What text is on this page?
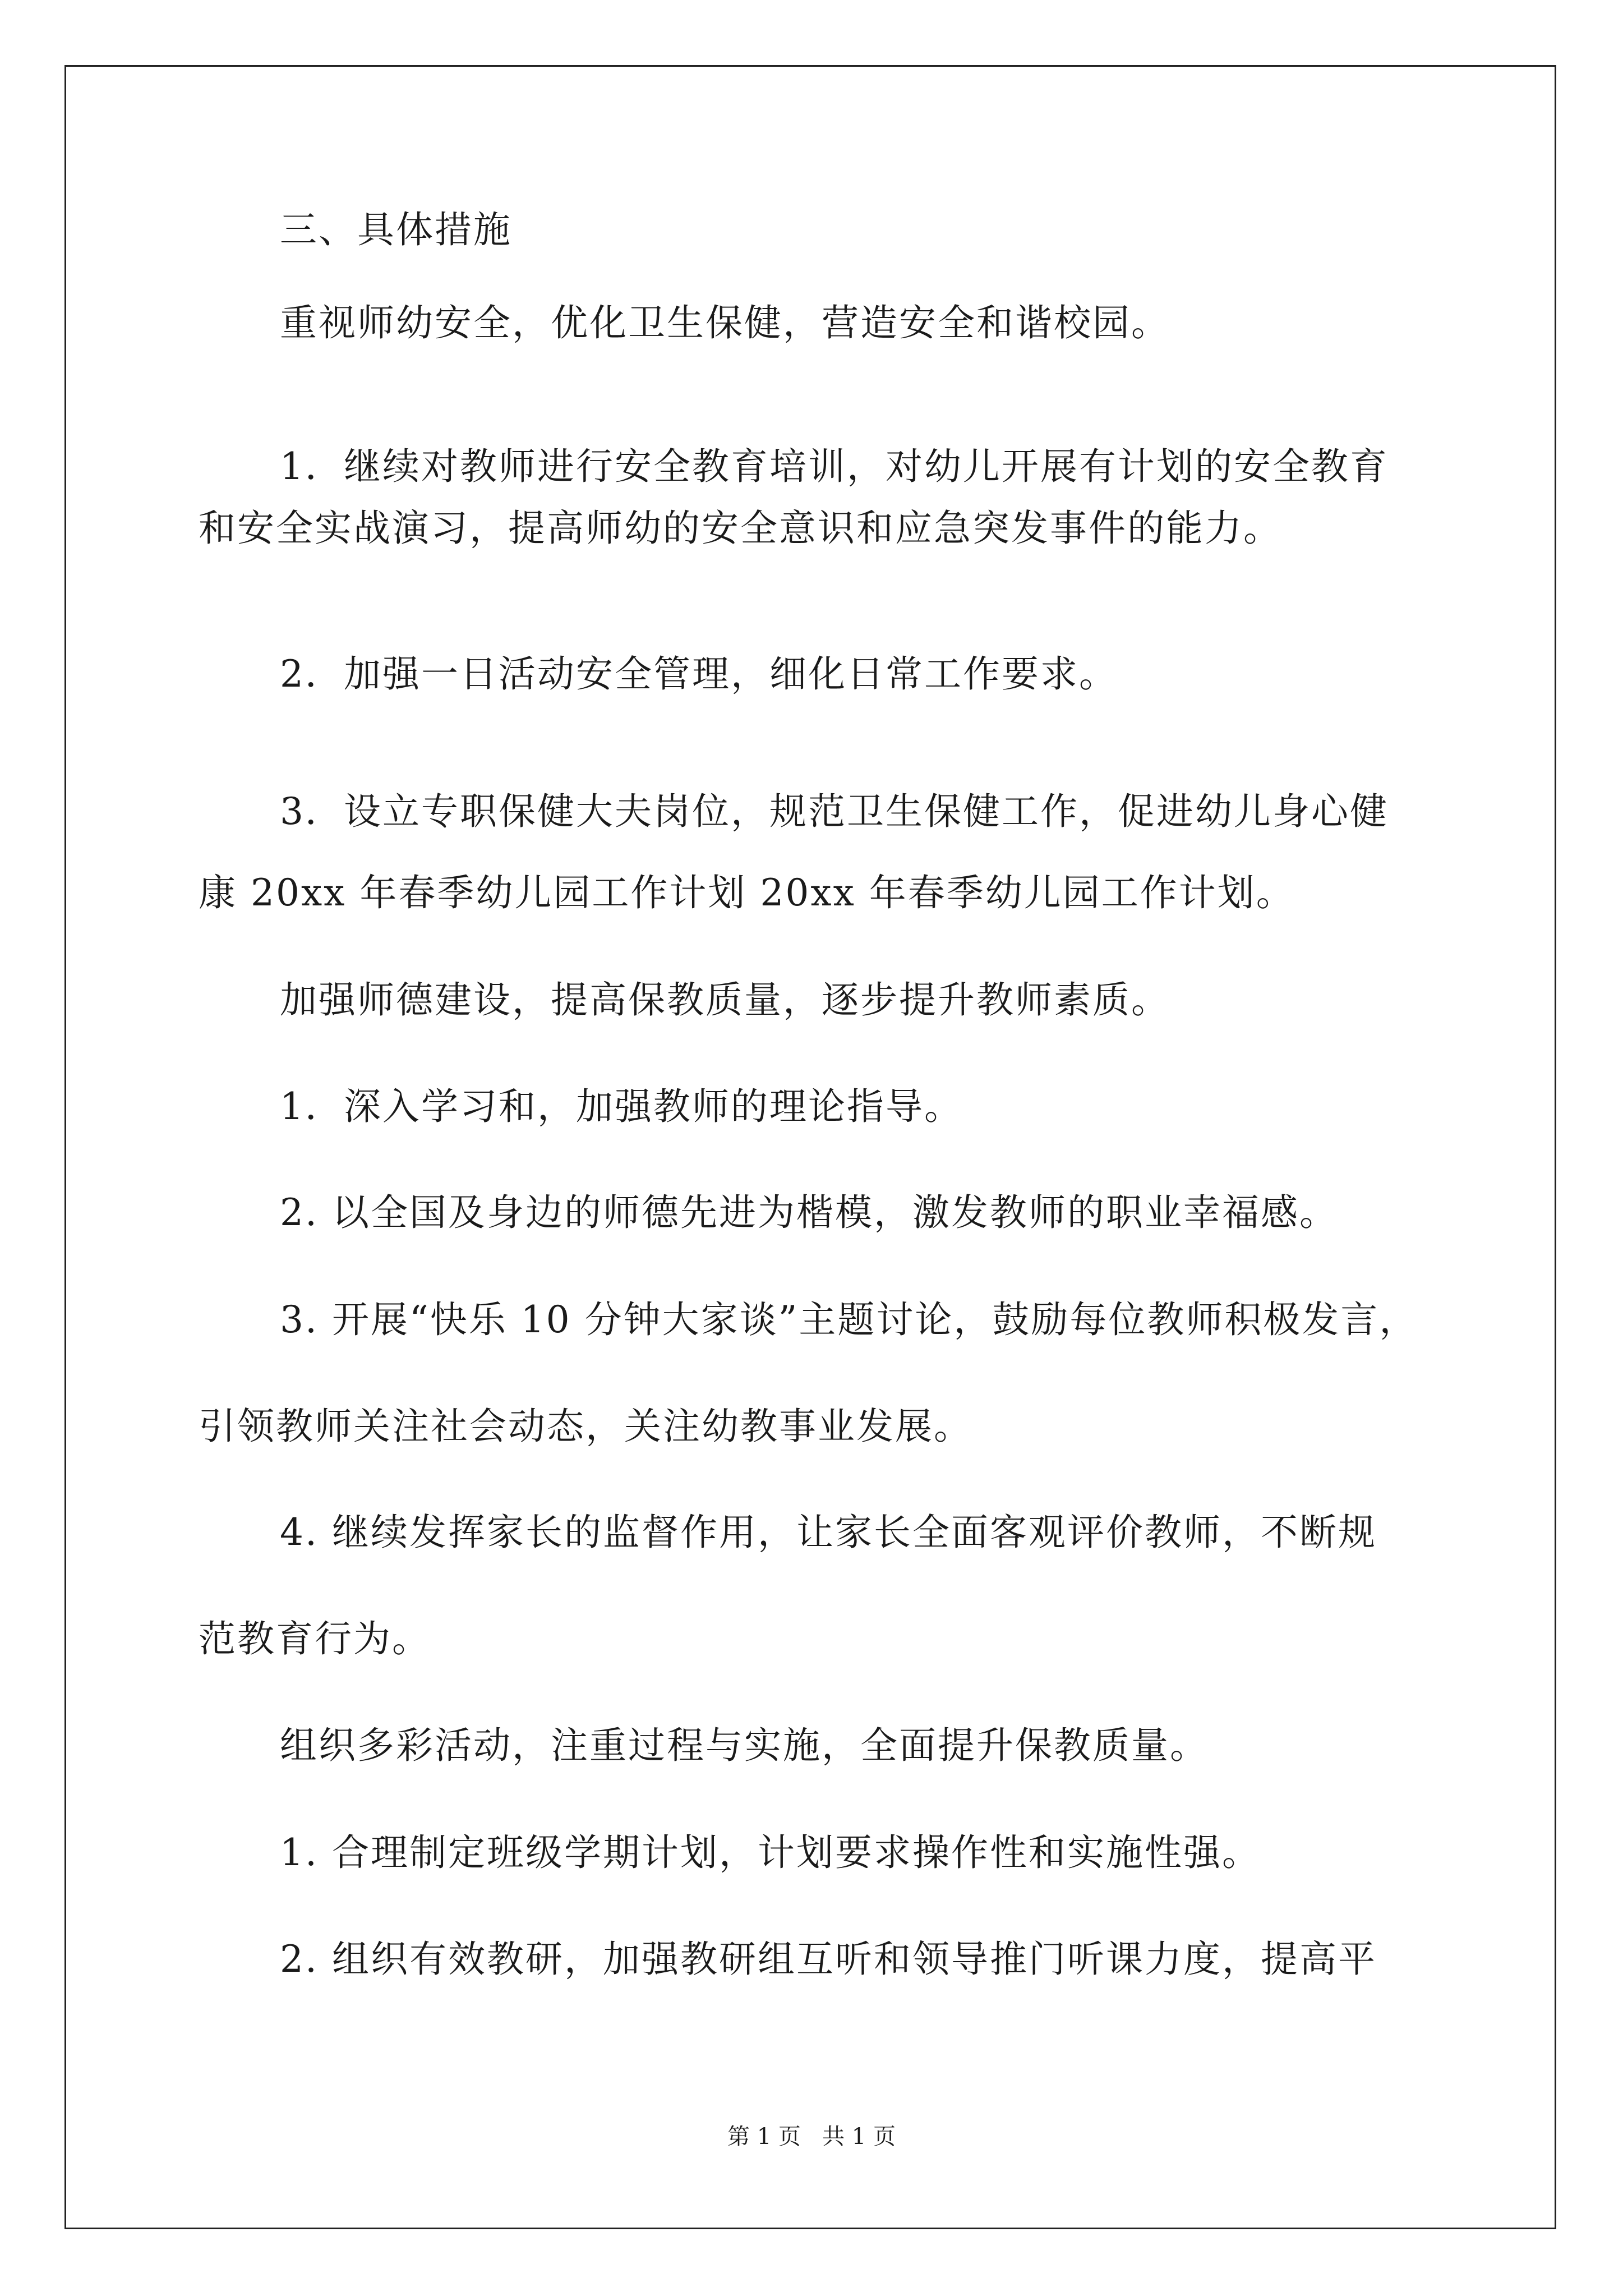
三、具体措施
重视师幼安全，优化卫生保健，营造安全和谐校园。
1．继续对教师进行安全教育培训，对幼儿开展有计划的安全教育
和安全实战演习，提高师幼的安全意识和应急突发事件的能力。
2．加强一日活动安全管理，细化日常工作要求。
3．设立专职保健大夫岗位，规范卫生保健工作，促进幼儿身心健
康 20xx 年春季幼儿园工作计划 20xx 年春季幼儿园工作计划。
加强师德建设，提高保教质量，逐步提升教师素质。
1．深入学习和，加强教师的理论指导。
2. 以全国及身边的师德先进为楷模，激发教师的职业幸福感。
3. 开展“快乐 10 分钟大家谈”主题讨论，鼓励每位教师积极发言，
引领教师关注社会动态，关注幼教事业发展。
4. 继续发挥家长的监督作用，让家长全面客观评价教师，不断规
范教育行为。
组织多彩活动，注重过程与实施，全面提升保教质量。
1. 合理制定班级学期计划，计划要求操作性和实施性强。
2. 组织有效教研，加强教研组互听和领导推门听课力度，提高平
第 1 页   共 1 页
